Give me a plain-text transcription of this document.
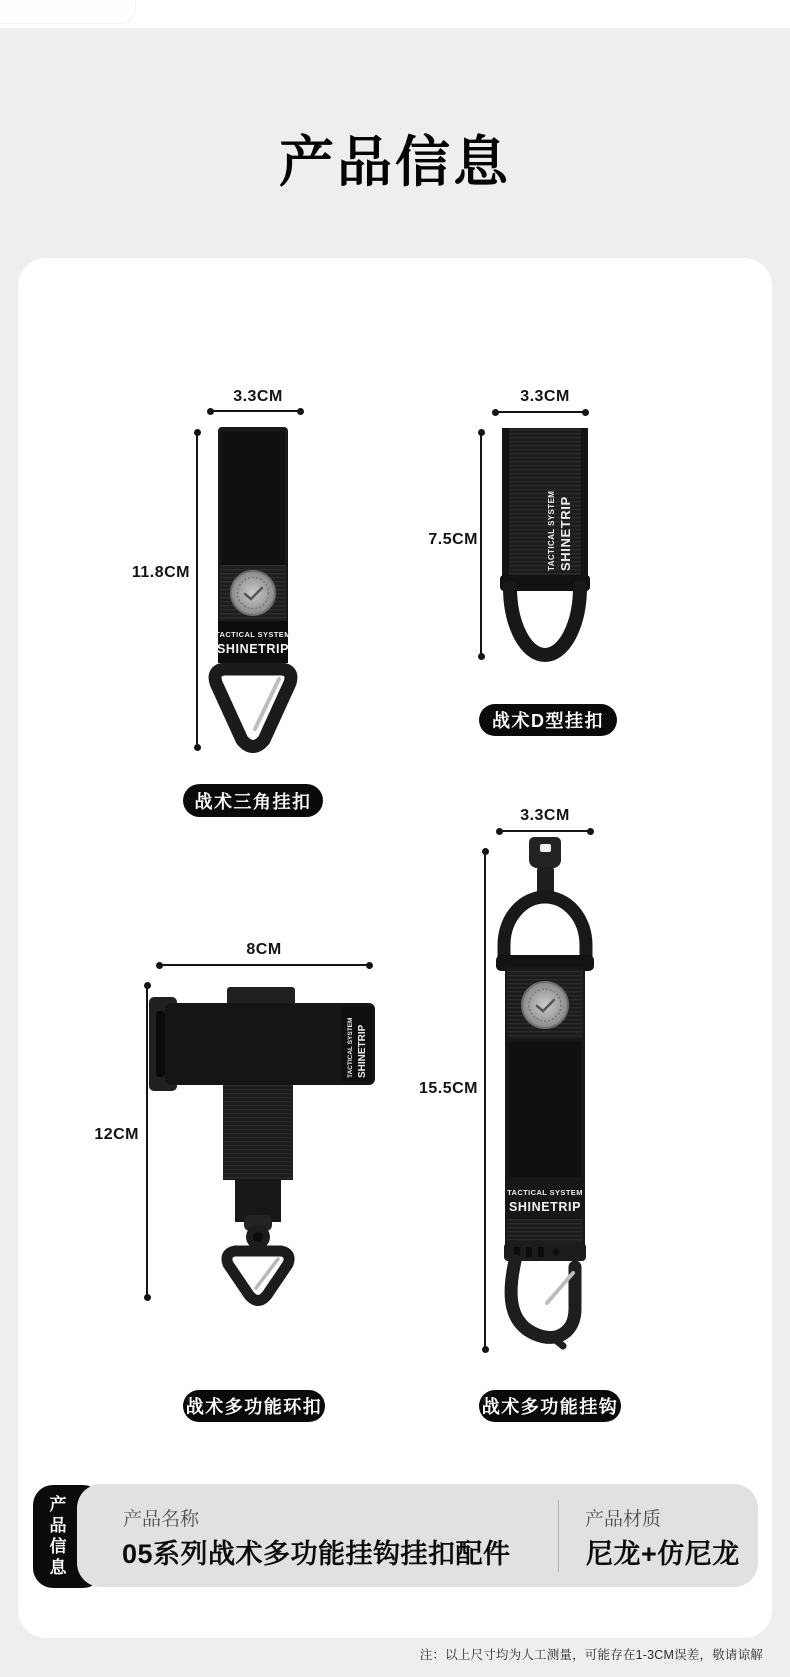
产品信息
3.3CM
11.8CM
TACTICAL SYSTEM
SHINETRIP
战术三角挂扣
3.3CM
7.5CM	TACTICAL SYSTEM SHINETRIP
战术D型挂扣
8CM
12CM
TACTICAL SYSTEM SHINETRIP
战术多功能环扣
3.3CM
15.5CM
TACTICAL SYSTEM
SHINETRIP
战术多功能挂钩
产品信息	产品名称
05系列战术多功能挂钩挂扣配件
产品材质
尼龙+仿尼龙
注：以上尺寸均为人工测量，可能存在1-3CM误差，敬请谅解
